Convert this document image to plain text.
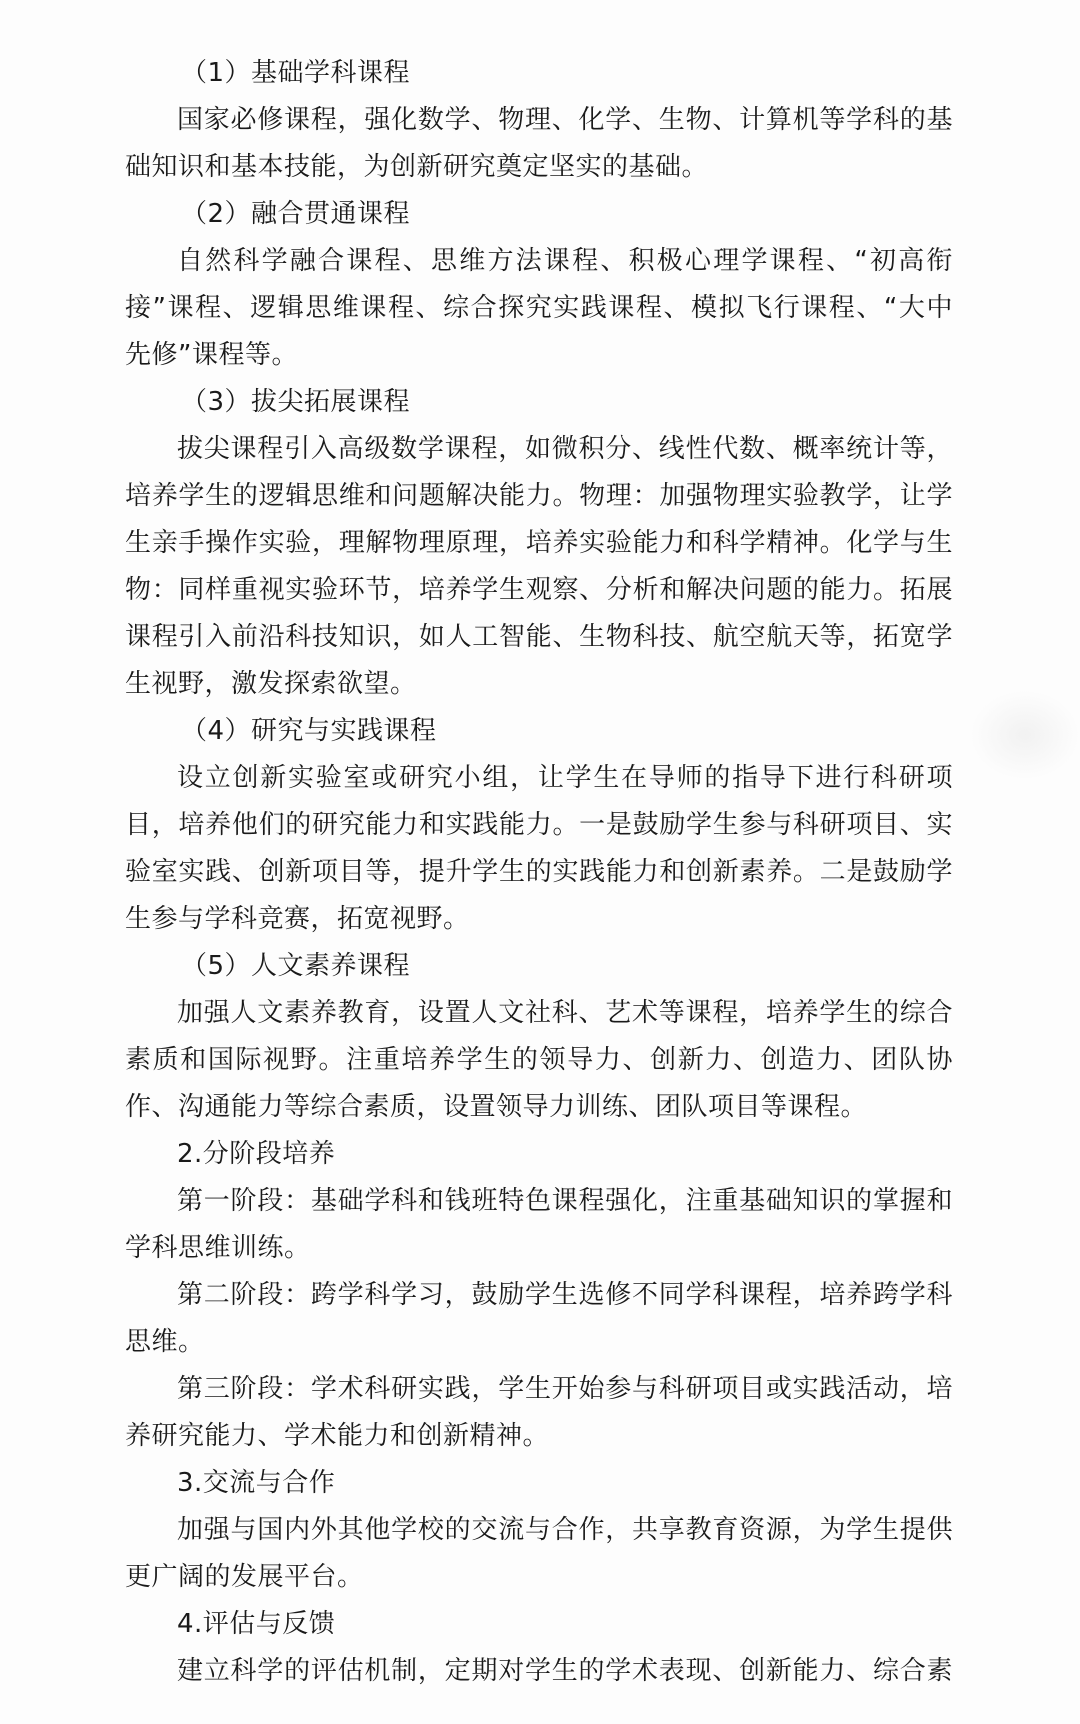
（1）基础学科课程
国家必修课程，强化数学、物理、化学、生物、计算机等学科的基
础知识和基本技能，为创新研究奠定坚实的基础。
（2）融合贯通课程
自然科学融合课程、思维方法课程、积极心理学课程、“初高衔
接”课程、逻辑思维课程、综合探究实践课程、模拟飞行课程、“大中
先修”课程等。
（3）拔尖拓展课程
拔尖课程引入高级数学课程，如微积分、线性代数、概率统计等，
培养学生的逻辑思维和问题解决能力。物理：加强物理实验教学，让学
生亲手操作实验，理解物理原理，培养实验能力和科学精神。化学与生
物：同样重视实验环节，培养学生观察、分析和解决问题的能力。拓展
课程引入前沿科技知识，如人工智能、生物科技、航空航天等，拓宽学
生视野，激发探索欲望。
（4）研究与实践课程
设立创新实验室或研究小组，让学生在导师的指导下进行科研项
目，培养他们的研究能力和实践能力。一是鼓励学生参与科研项目、实
验室实践、创新项目等，提升学生的实践能力和创新素养。二是鼓励学
生参与学科竞赛，拓宽视野。
（5）人文素养课程
加强人文素养教育，设置人文社科、艺术等课程，培养学生的综合
素质和国际视野。注重培养学生的领导力、创新力、创造力、团队协
作、沟通能力等综合素质，设置领导力训练、团队项目等课程。
2.分阶段培养
第一阶段：基础学科和钱班特色课程强化，注重基础知识的掌握和
学科思维训练。
第二阶段：跨学科学习，鼓励学生选修不同学科课程，培养跨学科
思维。
第三阶段：学术科研实践，学生开始参与科研项目或实践活动，培
养研究能力、学术能力和创新精神。
3.交流与合作
加强与国内外其他学校的交流与合作，共享教育资源，为学生提供
更广阔的发展平台。
4.评估与反馈
建立科学的评估机制，定期对学生的学术表现、创新能力、综合素
